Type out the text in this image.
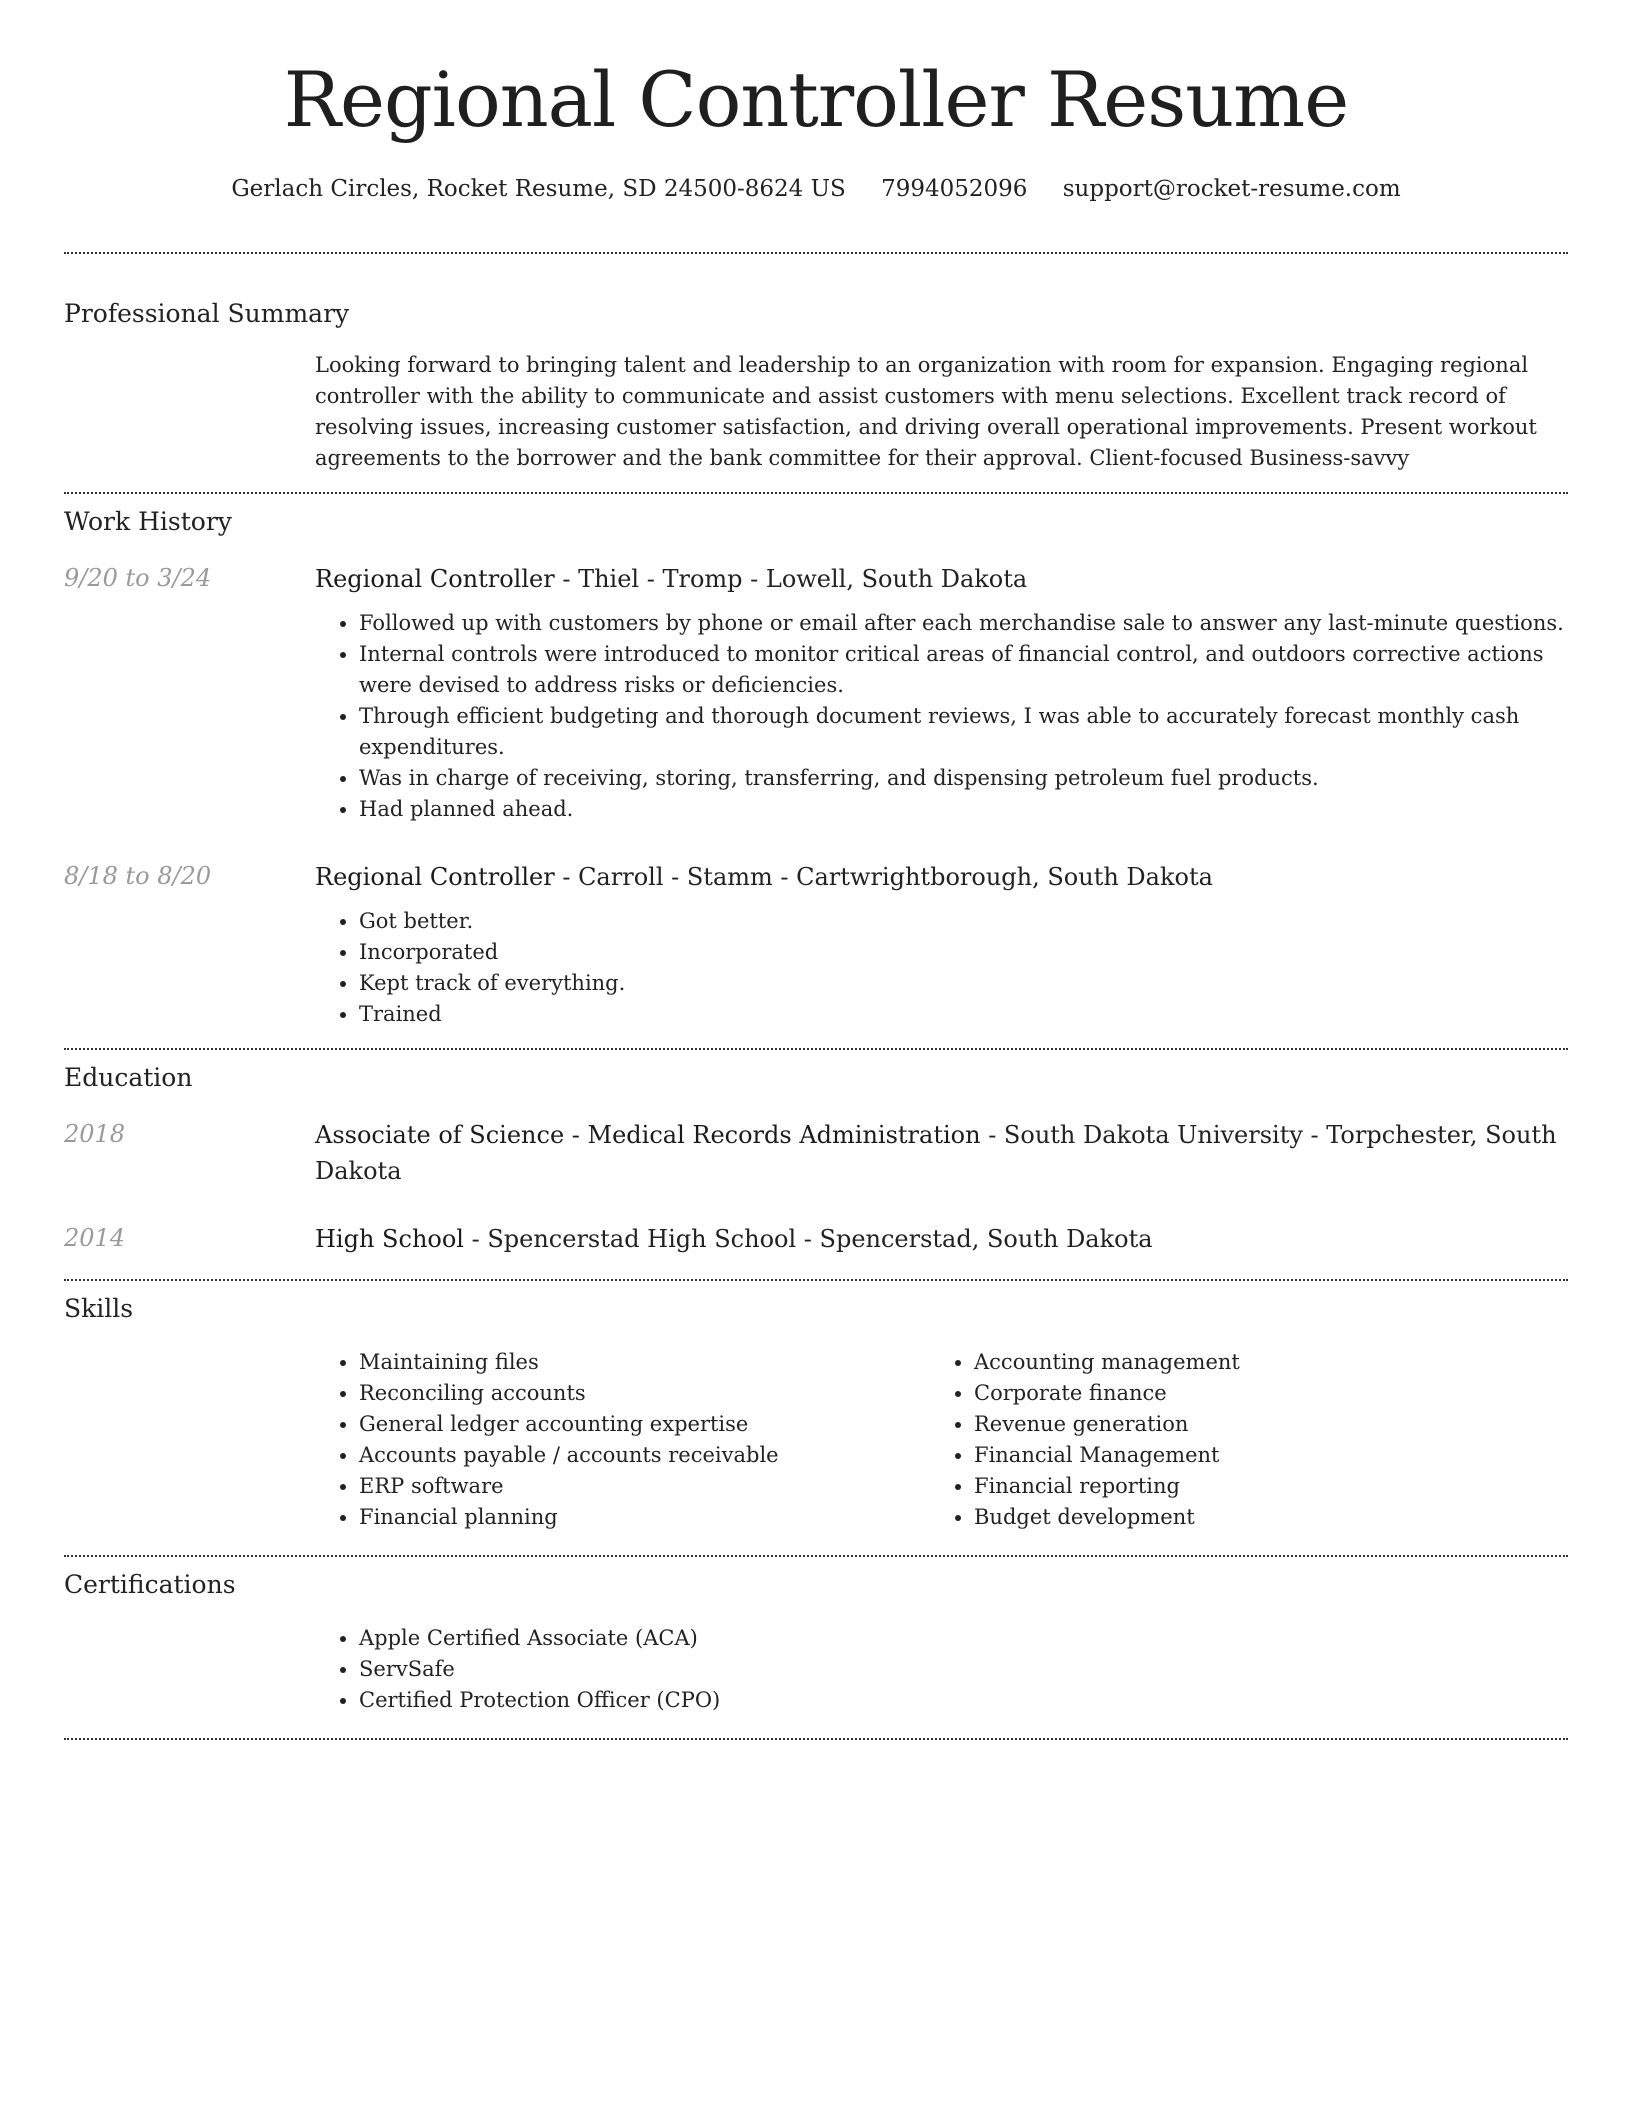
Regional Controller Resume
Gerlach Circles, Rocket Resume, SD 24500-8624 US 7994052096 support@rocket-resume.com
Professional Summary
Looking forward to bringing talent and leadership to an organization with room for expansion. Engaging regional controller with the ability to communicate and assist customers with menu selections. Excellent track record of resolving issues, increasing customer satisfaction, and driving overall operational improvements. Present workout agreements to the borrower and the bank committee for their approval. Client-focused Business-savvy
Work History
9/20 to 3/24	Regional Controller - Thiel - Tromp - Lowell, South Dakota
• Followed up with customers by phone or email after each merchandise sale to answer any last-minute questions.
• Internal controls were introduced to monitor critical areas of financial control, and outdoors corrective actions were devised to address risks or deficiencies.
• Through efficient budgeting and thorough document reviews, I was able to accurately forecast monthly cash expenditures.
• Was in charge of receiving, storing, transferring, and dispensing petroleum fuel products.
• Had planned ahead.
8/18 to 8/20	Regional Controller - Carroll - Stamm - Cartwrightborough, South Dakota
• Got better.
• Incorporated
• Kept track of everything.
• Trained
Education
2018	Associate of Science - Medical Records Administration - South Dakota University - Torpchester, South Dakota
2014	High School - Spencerstad High School - Spencerstad, South Dakota
Skills
• Maintaining files
• Reconciling accounts
• General ledger accounting expertise
• Accounts payable / accounts receivable
• ERP software
• Financial planning
• Accounting management
• Corporate finance
• Revenue generation
• Financial Management
• Financial reporting
• Budget development
Certifications
• Apple Certified Associate (ACA)
• ServSafe
• Certified Protection Officer (CPO)
